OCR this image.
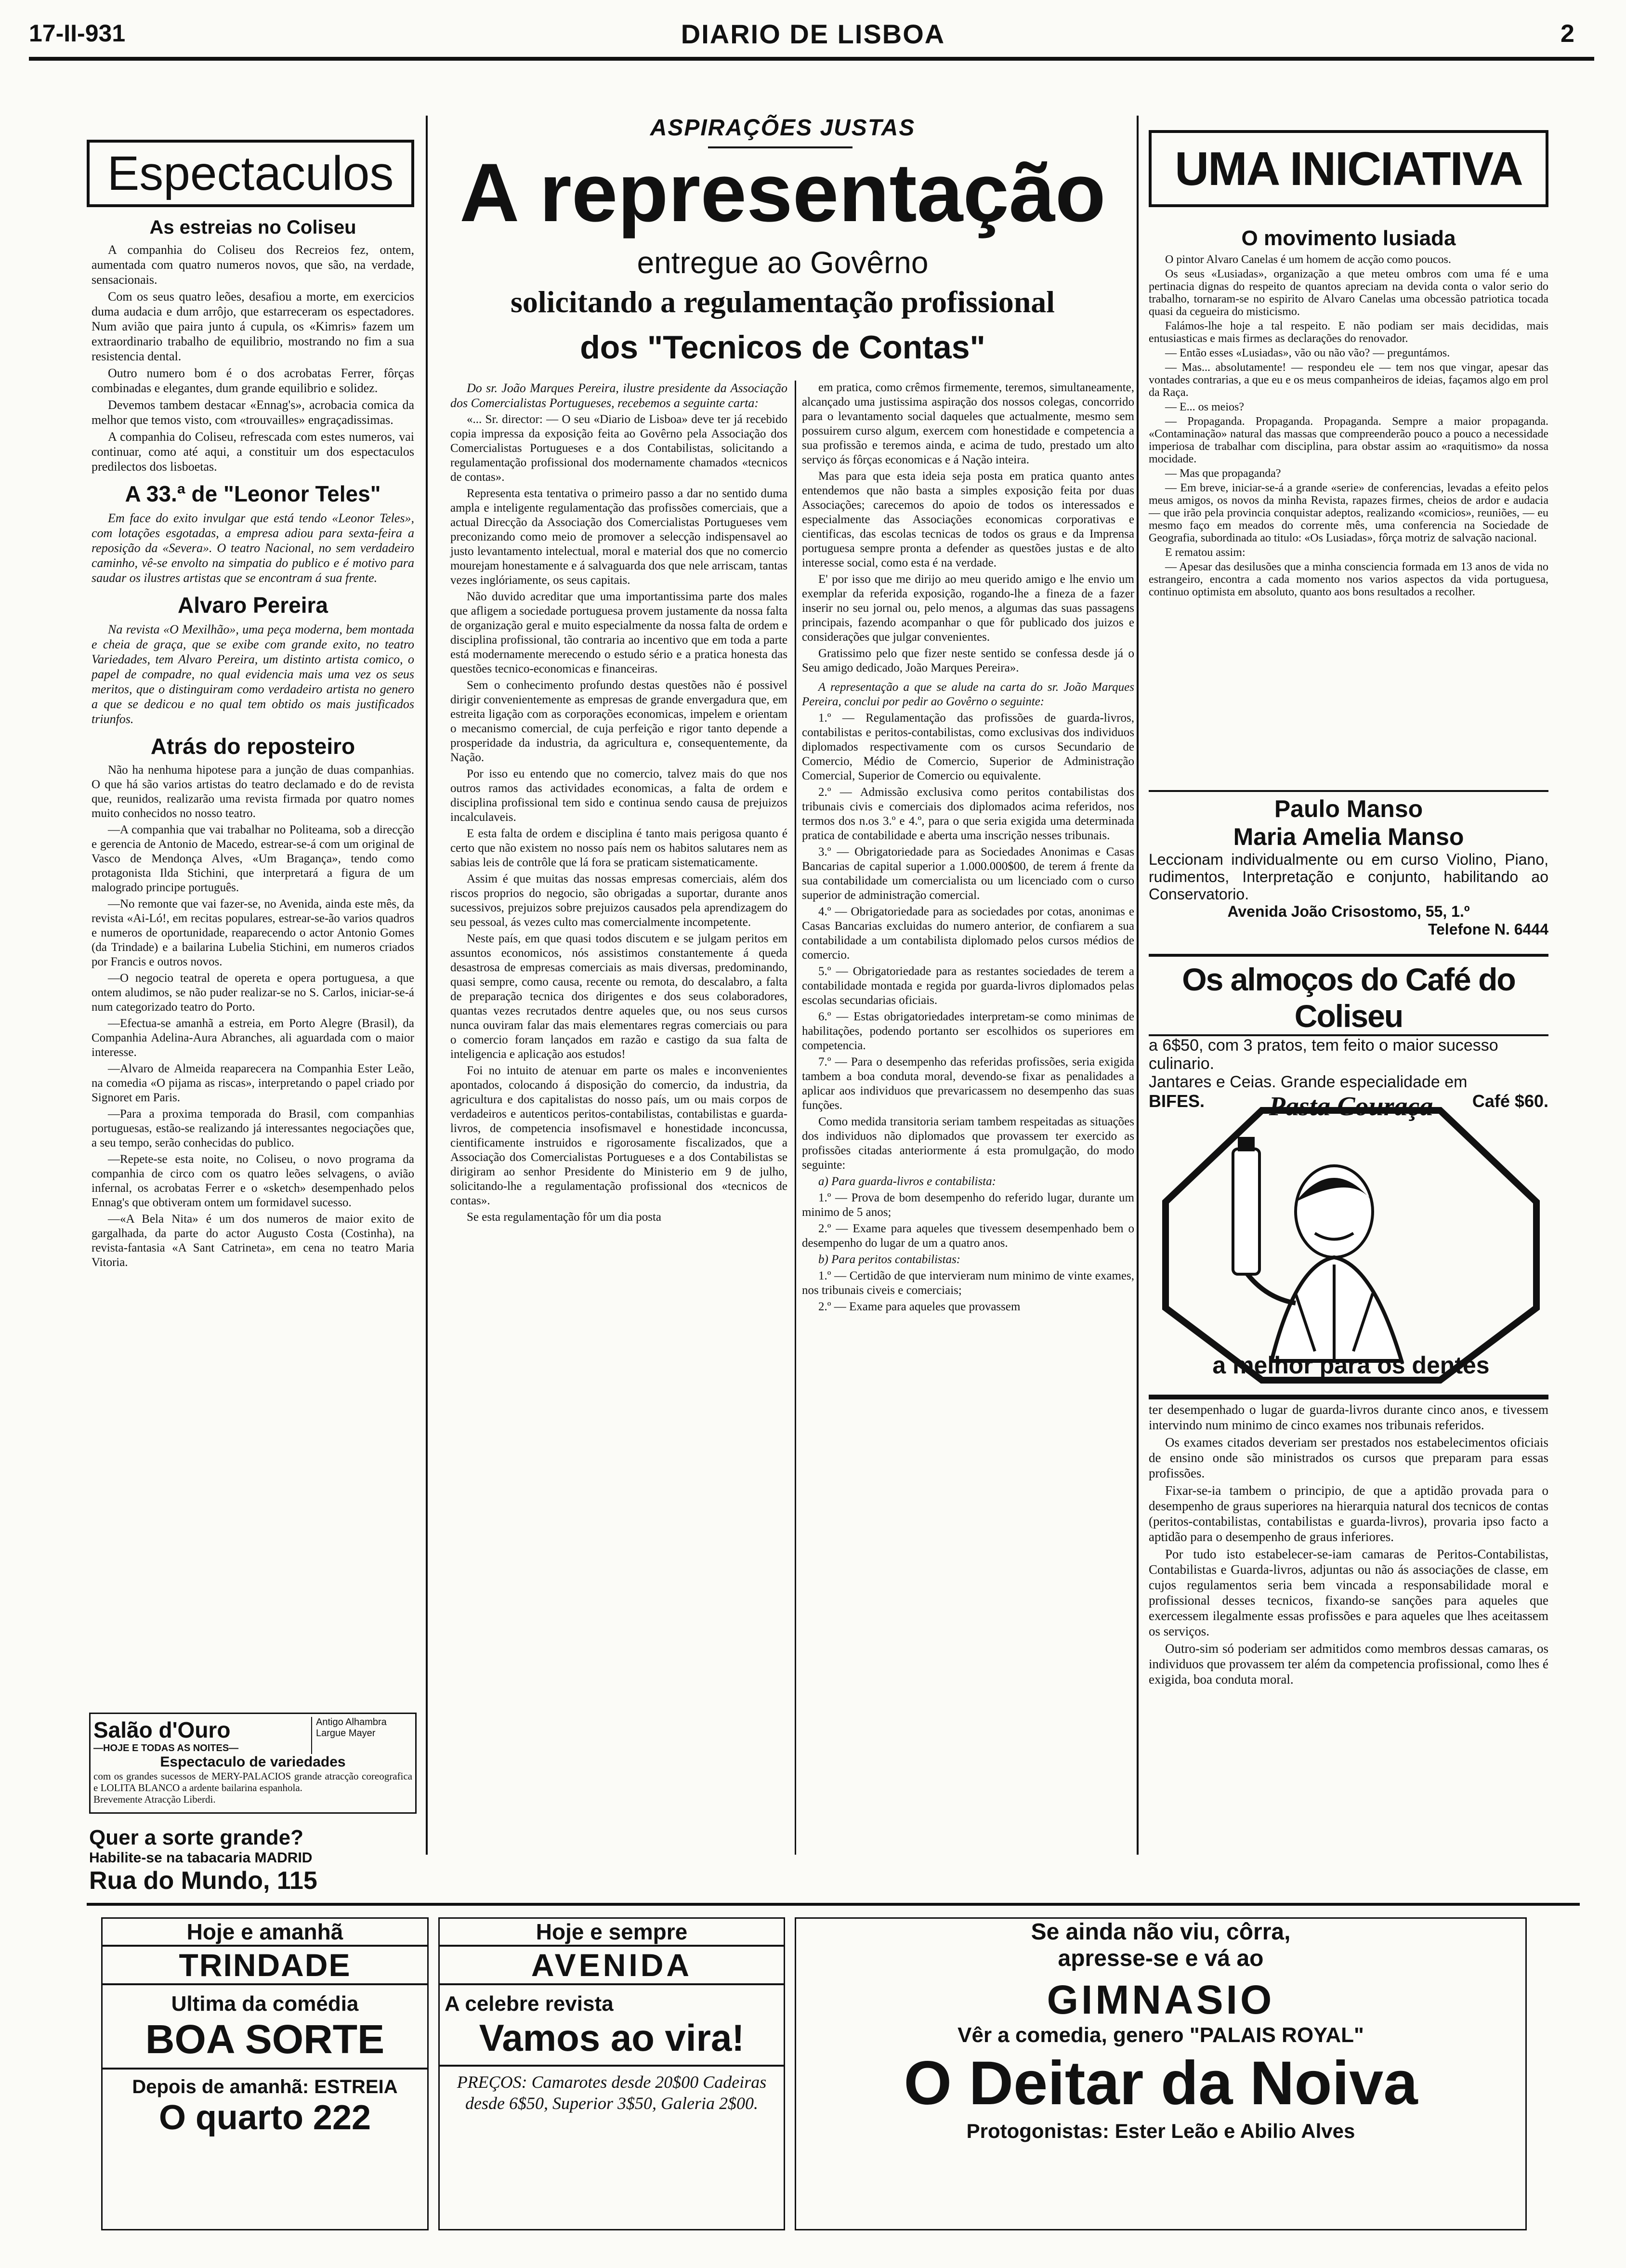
17-II-931	DIARIO DE LISBOA	2
Espectaculos
As estreias no Coliseu

A companhia do Coliseu dos Recreios fez, ontem, aumentada com quatro numeros novos, que são, na verdade, sensacionais.

Com os seus quatro leões, desafiou a morte, em exercicios duma audacia e dum arrôjo, que estarreceram os espectadores. Num avião que paira junto á cupula, os «Kimris» fazem um extraordinario trabalho de equilibrio, mostrando no fim a sua resistencia dental.

Outro numero bom é o dos acrobatas Ferrer, fôrças combinadas e elegantes, dum grande equilibrio e solidez.

Devemos tambem destacar «Ennag's», acrobacia comica da melhor que temos visto, com «trouvailles» engraçadissimas.

A companhia do Coliseu, refrescada com estes numeros, vai continuar, como até aqui, a constituir um dos espectaculos predilectos dos lisboetas.

A 33.ª de "Leonor Teles"

Em face do exito invulgar que está tendo «Leonor Teles», com lotações esgotadas, a empresa adiou para sexta-feira a reposição da «Severa». O teatro Nacional, no sem verdadeiro caminho, vê-se envolto na simpatia do publico e é motivo para saudar os ilustres artistas que se encontram á sua frente.

Alvaro Pereira

Na revista «O Mexilhão», uma peça moderna, bem montada e cheia de graça, que se exibe com grande exito, no teatro Variedades, tem Alvaro Pereira, um distinto artista comico, o papel de compadre, no qual evidencia mais uma vez os seus meritos, que o distinguiram como verdadeiro artista no genero a que se dedicou e no qual tem obtido os mais justificados triunfos.

Atrás do reposteiro

Não ha nenhuma hipotese para a junção de duas companhias. O que há são varios artistas do teatro declamado e do de revista que, reunidos, realizarão uma revista firmada por quatro nomes muito conhecidos no nosso teatro.

—A companhia que vai trabalhar no Politeama, sob a direcção e gerencia de Antonio de Macedo, estrear-se-á com um original de Vasco de Mendonça Alves, «Um Bragança», tendo como protagonista Ilda Stichini, que interpretará a figura de um malogrado principe português.

—No remonte que vai fazer-se, no Avenida, ainda este mês, da revista «Ai-Ló!, em recitas populares, estrear-se-ão varios quadros e numeros de oportunidade, reaparecendo o actor Antonio Gomes (da Trindade) e a bailarina Lubelia Stichini, em numeros criados por Francis e outros novos.

—O negocio teatral de opereta e opera portuguesa, a que ontem aludimos, se não puder realizar-se no S. Carlos, iniciar-se-á num categorizado teatro do Porto.

—Efectua-se amanhã a estreia, em Porto Alegre (Brasil), da Companhia Adelina-Aura Abranches, ali aguardada com o maior interesse.

—Alvaro de Almeida reaparecera na Companhia Ester Leão, na comedia «O pijama as riscas», interpretando o papel criado por Signoret em Paris.

—Para a proxima temporada do Brasil, com companhias portuguesas, estão-se realizando já interessantes negociações que, a seu tempo, serão conhecidas do publico.

—Repete-se esta noite, no Coliseu, o novo programa da companhia de circo com os quatro leões selvagens, o avião infernal, os acrobatas Ferrer e o «sketch» desempenhado pelos Ennag's que obtiveram ontem um formidavel sucesso.

—«A Bela Nita» é um dos numeros de maior exito de gargalhada, da parte do actor Augusto Costa (Costinha), na revista-fantasia «A Sant Catrineta», em cena no teatro Maria Vitoria.

Salão d'Ouro
—HOJE E TODAS AS NOITES—
Antigo Alhambra
Largue Mayer
Espectaculo de variedades
com os grandes sucessos de MERY-PALACIOS grande atracção coreografica e LOLITA BLANCO a ardente bailarina espanhola.
Brevemente Atracção Liberdi.
Quer a sorte grande?
Habilite-se na tabacaria MADRID
Rua do Mundo, 115
ASPIRAÇÕES JUSTAS
A representação
entregue ao Govêrno
solicitando a regulamentação profissional
dos "Tecnicos de Contas"

Do sr. João Marques Pereira, ilustre presidente da Associação dos Comercialistas Portugueses, recebemos a seguinte carta:

«... Sr. director: — O seu «Diario de Lisboa» deve ter já recebido copia impressa da exposição feita ao Govêrno pela Associação dos Comercialistas Portugueses e a dos Contabilistas, solicitando a regulamentação profissional dos modernamente chamados «tecnicos de contas».

Representa esta tentativa o primeiro passo a dar no sentido duma ampla e inteligente regulamentação das profissões comerciais, que a actual Direcção da Associação dos Comercialistas Portugueses vem preconizando como meio de promover a selecção indispensavel ao justo levantamento intelectual, moral e material dos que no comercio mourejam honestamente e á salvaguarda dos que nele arriscam, tantas vezes inglóriamente, os seus capitais.

Não duvido acreditar que uma importantissima parte dos males que afligem a sociedade portuguesa provem justamente da nossa falta de organização geral e muito especialmente da nossa falta de ordem e disciplina profissional, tão contraria ao incentivo que em toda a parte está modernamente merecendo o estudo sério e a pratica honesta das questões tecnico-economicas e financeiras.

Sem o conhecimento profundo destas questões não é possivel dirigir convenientemente as empresas de grande envergadura que, em estreita ligação com as corporações economicas, impelem e orientam o mecanismo comercial, de cuja perfeição e rigor tanto depende a prosperidade da industria, da agricultura e, consequentemente, da Nação.

Por isso eu entendo que no comercio, talvez mais do que nos outros ramos das actividades economicas, a falta de ordem e disciplina profissional tem sido e continua sendo causa de prejuizos incalculaveis.

E esta falta de ordem e disciplina é tanto mais perigosa quanto é certo que não existem no nosso país nem os habitos salutares nem as sabias leis de contrôle que lá fora se praticam sistematicamente.

Assim é que muitas das nossas empresas comerciais, além dos riscos proprios do negocio, são obrigadas a suportar, durante anos sucessivos, prejuizos sobre prejuizos causados pela aprendizagem do seu pessoal, ás vezes culto mas comercialmente incompetente.

Neste país, em que quasi todos discutem e se julgam peritos em assuntos economicos, nós assistimos constantemente á queda desastrosa de empresas comerciais as mais diversas, predominando, quasi sempre, como causa, recente ou remota, do descalabro, a falta de preparação tecnica dos dirigentes e dos seus colaboradores, quantas vezes recrutados dentre aqueles que, ou nos seus cursos nunca ouviram falar das mais elementares regras comerciais ou para o comercio foram lançados em razão e castigo da sua falta de inteligencia e aplicação aos estudos!

Foi no intuito de atenuar em parte os males e inconvenientes apontados, colocando á disposição do comercio, da industria, da agricultura e dos capitalistas do nosso país, um ou mais corpos de verdadeiros e autenticos peritos-contabilistas, contabilistas e guarda-livros, de competencia insofismavel e honestidade inconcussa, cientificamente instruidos e rigorosamente fiscalizados, que a Associação dos Comercialistas Portugueses e a dos Contabilistas se dirigiram ao senhor Presidente do Ministerio em 9 de julho, solicitando-lhe a regulamentação profissional dos «tecnicos de contas».

Se esta regulamentação fôr um dia posta

em pratica, como crêmos firmemente, teremos, simultaneamente, alcançado uma justissima aspiração dos nossos colegas, concorrido para o levantamento social daqueles que actualmente, mesmo sem possuirem curso algum, exercem com honestidade e competencia a sua profissão e teremos ainda, e acima de tudo, prestado um alto serviço ás fôrças economicas e á Nação inteira.

Mas para que esta ideia seja posta em pratica quanto antes entendemos que não basta a simples exposição feita por duas Associações; carecemos do apoio de todos os interessados e especialmente das Associações economicas corporativas e cientificas, das escolas tecnicas de todos os graus e da Imprensa portuguesa sempre pronta a defender as questões justas e de alto interesse social, como esta é na verdade.

E' por isso que me dirijo ao meu querido amigo e lhe envio um exemplar da referida exposição, rogando-lhe a fineza de a fazer inserir no seu jornal ou, pelo menos, a algumas das suas passagens principais, fazendo acompanhar o que fôr publicado dos juizos e considerações que julgar convenientes.

Gratissimo pelo que fizer neste sentido se confessa desde já o Seu amigo dedicado, João Marques Pereira».

A representação a que se alude na carta do sr. João Marques Pereira, conclui por pedir ao Govêrno o seguinte:

1.º — Regulamentação das profissões de guarda-livros, contabilistas e peritos-contabilistas, como exclusivas dos individuos diplomados respectivamente com os cursos Secundario de Comercio, Médio de Comercio, Superior de Administração Comercial, Superior de Comercio ou equivalente.

2.º — Admissão exclusiva como peritos contabilistas dos tribunais civis e comerciais dos diplomados acima referidos, nos termos dos n.os 3.º e 4.º, para o que seria exigida uma determinada pratica de contabilidade e aberta uma inscrição nesses tribunais.

3.º — Obrigatoriedade para as Sociedades Anonimas e Casas Bancarias de capital superior a 1.000.000$00, de terem á frente da sua contabilidade um comercialista ou um licenciado com o curso superior de administração comercial.

4.º — Obrigatoriedade para as sociedades por cotas, anonimas e Casas Bancarias excluidas do numero anterior, de confiarem a sua contabilidade a um contabilista diplomado pelos cursos médios de comercio.

5.º — Obrigatoriedade para as restantes sociedades de terem a contabilidade montada e regida por guarda-livros diplomados pelas escolas secundarias oficiais.

6.º — Estas obrigatoriedades interpretam-se como minimas de habilitações, podendo portanto ser escolhidos os superiores em competencia.

7.º — Para o desempenho das referidas profissões, seria exigida tambem a boa conduta moral, devendo-se fixar as penalidades a aplicar aos individuos que prevaricassem no desempenho das suas funções.

Como medida transitoria seriam tambem respeitadas as situações dos individuos não diplomados que provassem ter exercido as profissões citadas anteriormente á esta promulgação, do modo seguinte:

a) Para guarda-livros e contabilista:

1.º — Prova de bom desempenho do referido lugar, durante um minimo de 5 anos;

2.º — Exame para aqueles que tivessem desempenhado bem o desempenho do lugar de um a quatro anos.

b) Para peritos contabilistas:

1.º — Certidão de que intervieram num minimo de vinte exames, nos tribunais civeis e comerciais;

2.º — Exame para aqueles que provassem

UMA INICIATIVA
O movimento lusiada

O pintor Alvaro Canelas é um homem de acção como poucos.

Os seus «Lusiadas», organização a que meteu ombros com uma fé e uma pertinacia dignas do respeito de quantos apreciam na devida conta o valor serio do trabalho, tornaram-se no espirito de Alvaro Canelas uma obcessão patriotica tocada quasi da cegueira do misticismo.

Falámos-lhe hoje a tal respeito. E não podiam ser mais decididas, mais entusiasticas e mais firmes as declarações do renovador.

— Então esses «Lusiadas», vão ou não vão? — preguntámos.

— Mas... absolutamente! — respondeu ele — tem nos que vingar, apesar das vontades contrarias, a que eu e os meus companheiros de ideias, façamos algo em prol da Raça.

— E... os meios?

— Propaganda. Propaganda. Propaganda. Sempre a maior propaganda. «Contaminação» natural das massas que compreenderão pouco a pouco a necessidade imperiosa de trabalhar com disciplina, para obstar assim ao «raquitismo» da nossa mocidade.

— Mas que propaganda?

— Em breve, iniciar-se-á a grande «serie» de conferencias, levadas a efeito pelos meus amigos, os novos da minha Revista, rapazes firmes, cheios de ardor e audacia — que irão pela provincia conquistar adeptos, realizando «comicios», reuniões, — eu mesmo faço em meados do corrente mês, uma conferencia na Sociedade de Geografia, subordinada ao titulo: «Os Lusiadas», fôrça motriz de salvação nacional.

E rematou assim:

— Apesar das desilusões que a minha consciencia formada em 13 anos de vida no estrangeiro, encontra a cada momento nos varios aspectos da vida portuguesa, continuo optimista em absoluto, quanto aos bons resultados a recolher.

Paulo Manso
Maria Amelia Manso
Leccionam individualmente ou em curso Violino, Piano, rudimentos, Interpretação e conjunto, habilitando ao Conservatorio.
Avenida João Crisostomo, 55, 1.º
Telefone N. 6444
Os almoços do Café do Coliseu
a 6$50, com 3 pratos, tem feito o maior sucesso culinario.
Jantares e Ceias. Grande especialidade em
BIFES.	Café $60.
Pasta Couraça
a melhor para os dentes

ter desempenhado o lugar de guarda-livros durante cinco anos, e tivessem intervindo num minimo de cinco exames nos tribunais referidos.

Os exames citados deveriam ser prestados nos estabelecimentos oficiais de ensino onde são ministrados os cursos que preparam para essas profissões.

Fixar-se-ia tambem o principio, de que a aptidão provada para o desempenho de graus superiores na hierarquia natural dos tecnicos de contas (peritos-contabilistas, contabilistas e guarda-livros), provaria ipso facto a aptidão para o desempenho de graus inferiores.

Por tudo isto estabelecer-se-iam camaras de Peritos-Contabilistas, Contabilistas e Guarda-livros, adjuntas ou não ás associações de classe, em cujos regulamentos seria bem vincada a responsabilidade moral e profissional desses tecnicos, fixando-se sanções para aqueles que exercessem ilegalmente essas profissões e para aqueles que lhes aceitassem os serviços.

Outro-sim só poderiam ser admitidos como membros dessas camaras, os individuos que provassem ter além da competencia profissional, como lhes é exigida, boa conduta moral.

Hoje e amanhã
TRINDADE
Ultima da comédia
BOA SORTE
Depois de amanhã: ESTREIA
O quarto 222
Hoje e sempre
AVENIDA
A celebre revista
Vamos ao vira!
PREÇOS: Camarotes desde 20$00 Cadeiras desde 6$50, Superior 3$50, Galeria 2$00.
Se ainda não viu, côrra,
apresse-se e vá ao
GIMNASIO
Vêr a comedia, genero "PALAIS ROYAL"
O Deitar da Noiva
Protogonistas: Ester Leão e Abilio Alves
